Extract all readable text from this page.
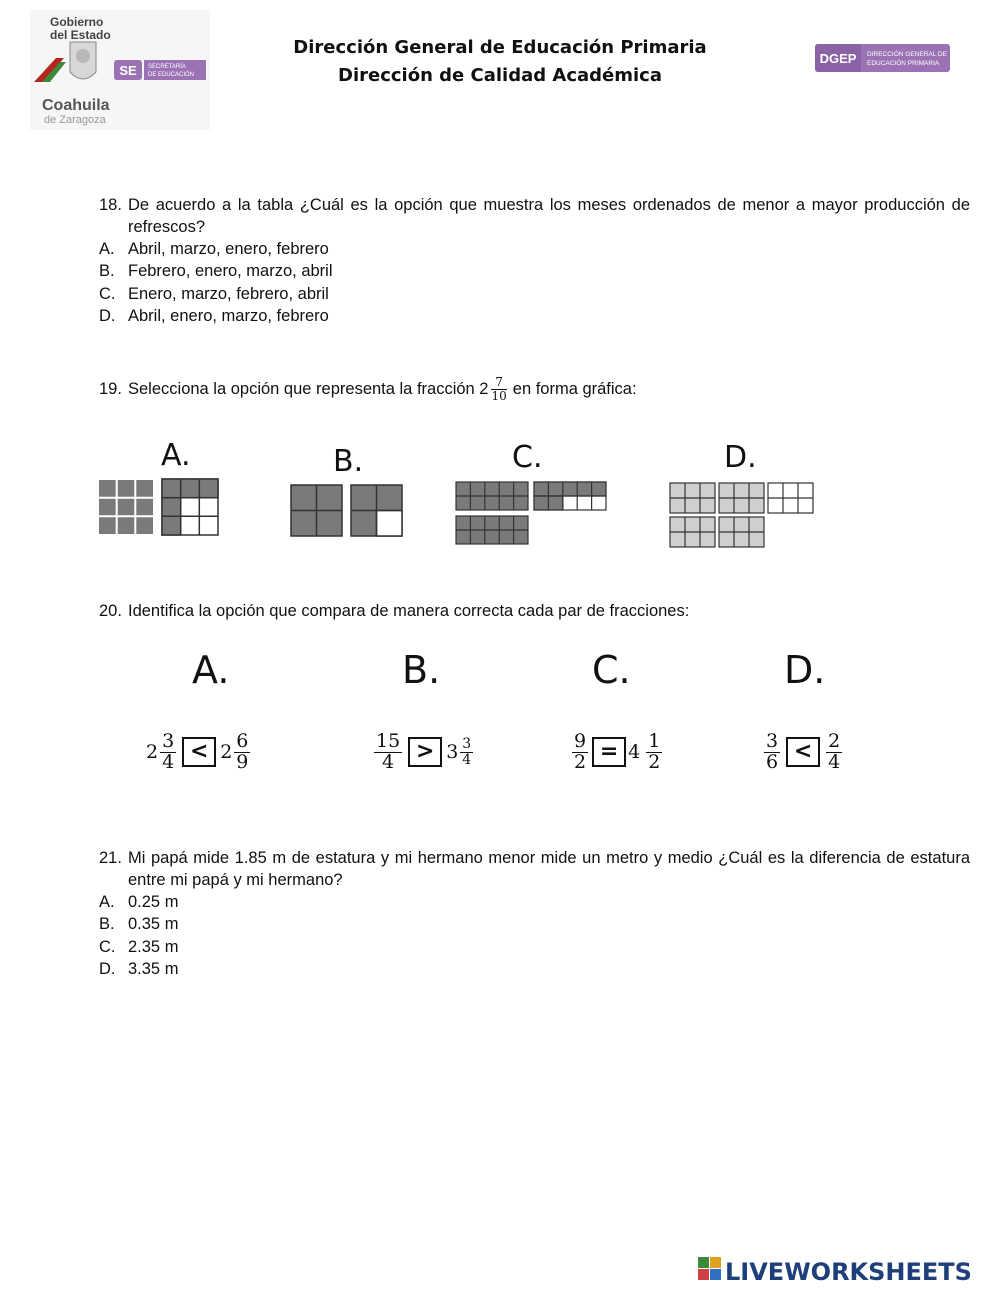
Gobierno
del Estado
SE SECRETARÍA
DE EDUCACIÓN
Coahuila
de Zaragoza
Dirección General de Educación Primaria
Dirección de Calidad Académica
DGEP DIRECCIÓN GENERAL DE
EDUCACIÓN PRIMARIA
18. De acuerdo a la tabla ¿Cuál es la opción que muestra los meses ordenados de menor a mayor producción de refrescos?
A. Abril, marzo, enero, febrero
B. Febrero, enero, marzo, abril
C. Enero, marzo, febrero, abril
D. Abril, enero, marzo, febrero
19. Selecciona la opción que representa la fracción $2 \frac{7}{10}$ en forma gráfica:
A.	B.	C.	D.
20. Identifica la opción que compara de manera correcta cada par de fracciones:
A.
$2 \frac{3}{4} < 2 \frac{6}{9}$
B.
$\frac{15}{4} > 3 \frac{3}{4}$
C.
$\frac{9}{2} = 4 \frac{1}{2}$
D.
$\frac{3}{6} < \frac{2}{4}$
21. Mi papá mide 1.85 m de estatura y mi hermano menor mide un metro y medio ¿Cuál es la diferencia de estatura entre mi papá y mi hermano?
A. 0.25 m
B. 0.35 m
C. 2.35 m
D. 3.35 m
LIVEWORKSHEETS
